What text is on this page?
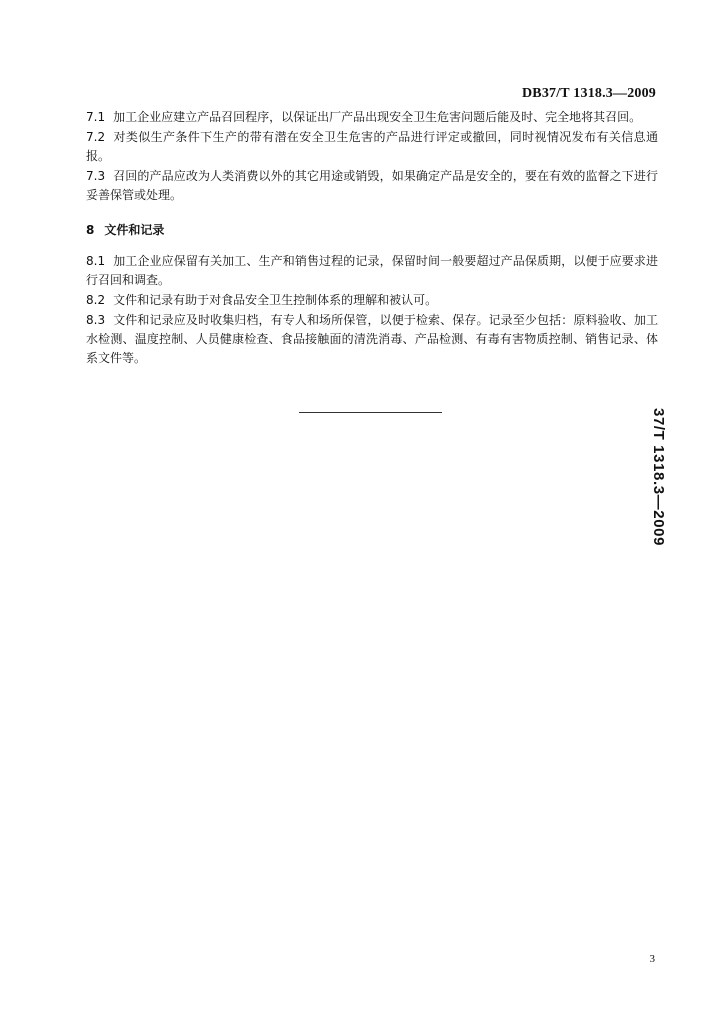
DB37/T 1318.3—2009

7.1 加工企业应建立产品召回程序，以保证出厂产品出现安全卫生危害问题后能及时、完全地将其召回。

7.2 对类似生产条件下生产的带有潜在安全卫生危害的产品进行评定或撤回，同时视情况发布有关信息通报。

7.3 召回的产品应改为人类消费以外的其它用途或销毁，如果确定产品是安全的，要在有效的监督之下进行妥善保管或处理。

8 文件和记录

8.1 加工企业应保留有关加工、生产和销售过程的记录，保留时间一般要超过产品保质期，以便于应要求进行召回和调查。

8.2 文件和记录有助于对食品安全卫生控制体系的理解和被认可。

8.3 文件和记录应及时收集归档，有专人和场所保管，以便于检索、保存。记录至少包括：原料验收、加工水检测、温度控制、人员健康检查、食品接触面的清洗消毒、产品检测、有毒有害物质控制、销售记录、体系文件等。

37/T 1318.3—2009
3
